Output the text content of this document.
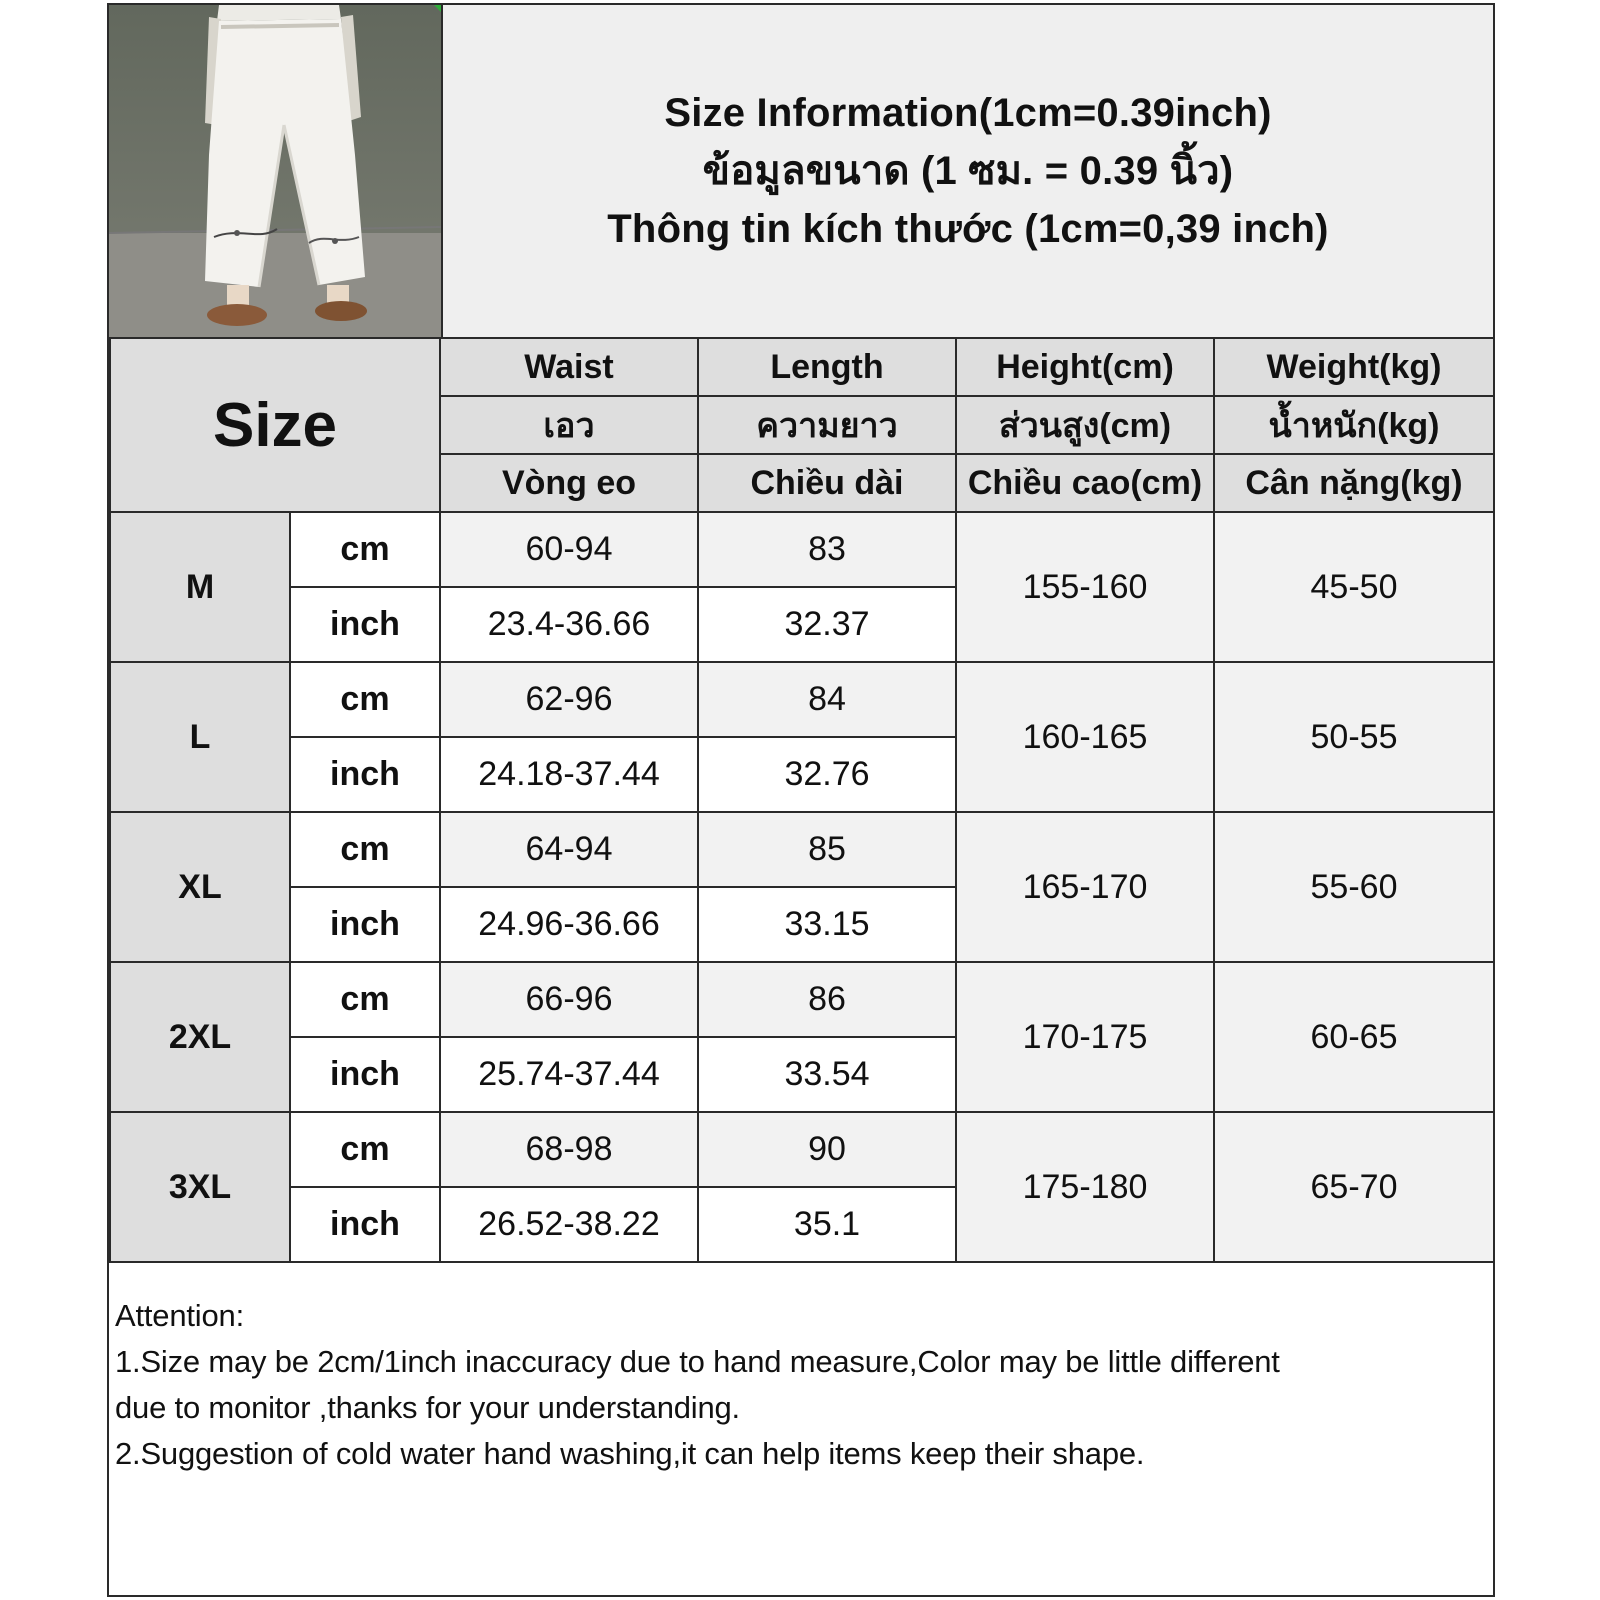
Size Information(1cm=0.39inch)
ข้อมูลขนาด (1 ซม. = 0.39 นิ้ว)
Thông tin kích thước (1cm=0,39 inch)
Size		Waist	Length	Height(cm)	Weight(kg)
		เอว	ความยาว	ส่วนสูง(cm)	น้ำหนัก(kg)
		Vòng eo	Chiều dài	Chiều cao(cm)	Cân nặng(kg)
M	cm	60-94	83	155-160	45-50
	inch	23.4-36.66	32.37		
L	cm	62-96	84	160-165	50-55
	inch	24.18-37.44	32.76		
XL	cm	64-94	85	165-170	55-60
	inch	24.96-36.66	33.15		
2XL	cm	66-96	86	170-175	60-65
	inch	25.74-37.44	33.54		
3XL	cm	68-98	90	175-180	65-70
	inch	26.52-38.22	35.1		
Attention:
1.Size may be 2cm/1inch inaccuracy due to hand measure,Color may be little different
due to monitor ,thanks for your understanding.
2.Suggestion of cold water hand washing,it can help items keep their shape.
